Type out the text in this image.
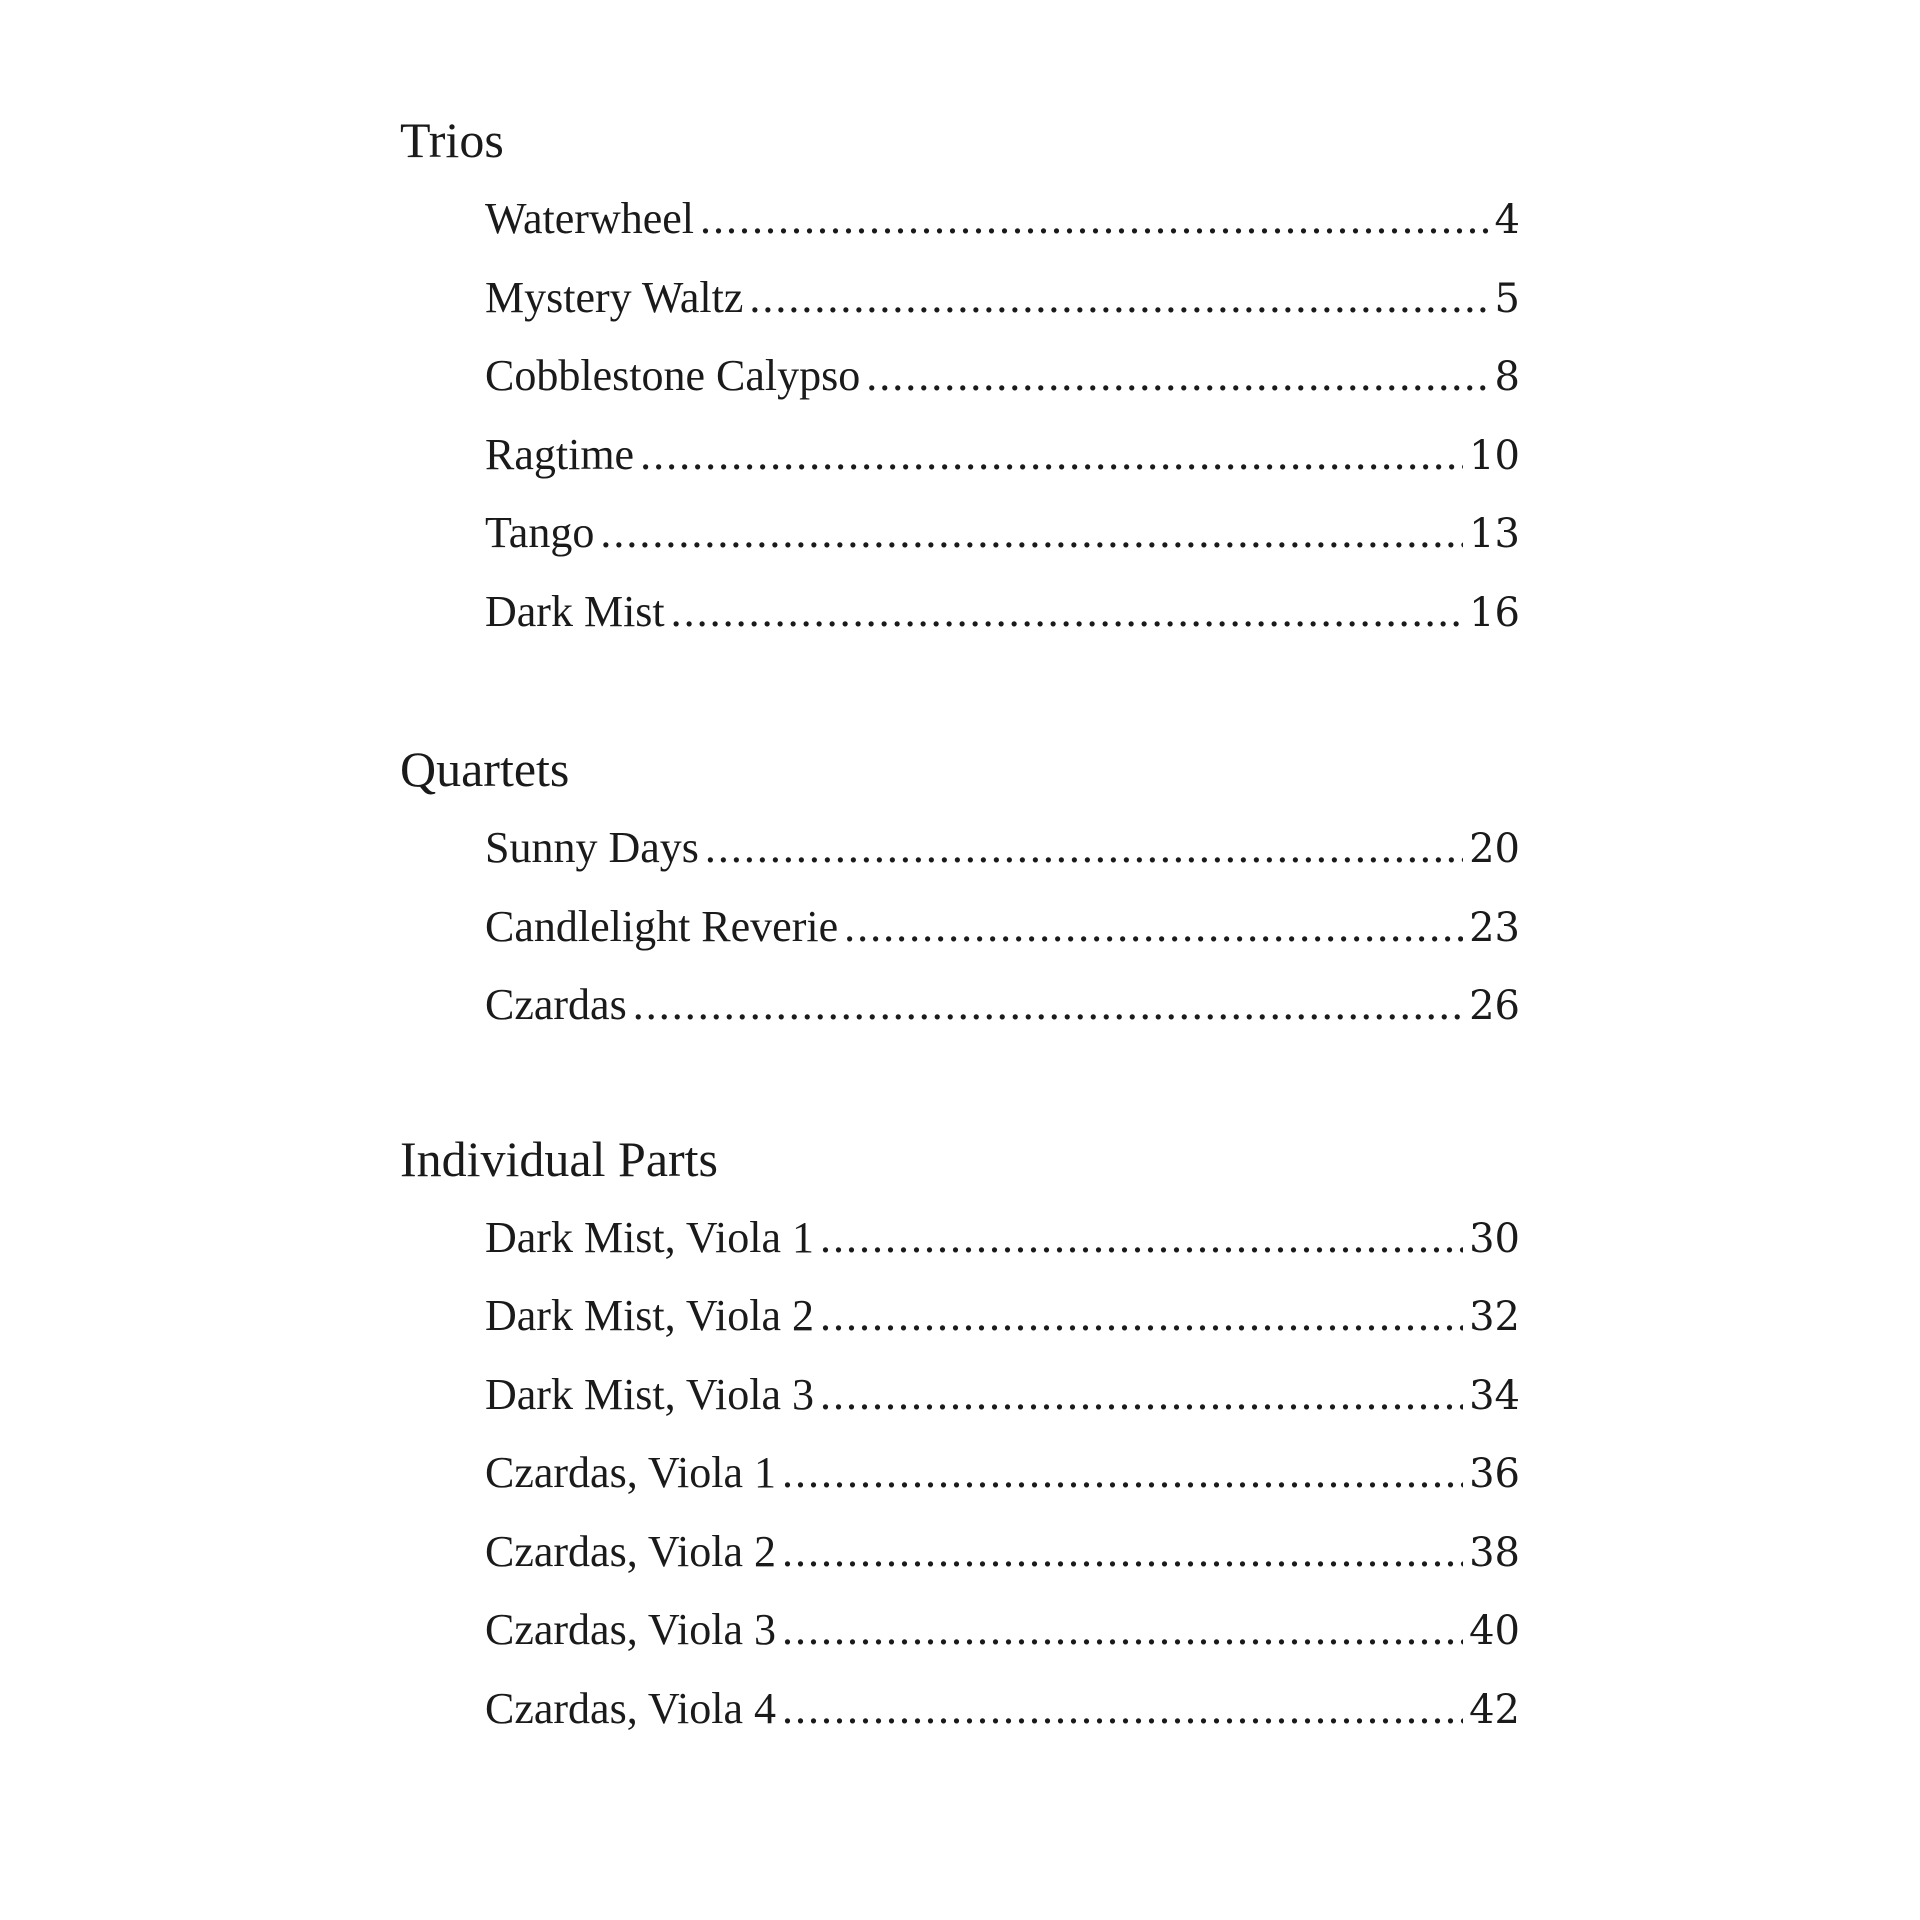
Trios
Waterwheel .....	4
Mystery Waltz .....	5
Cobblestone Calypso .....	8
Ragtime .....	10
Tango .....	13
Dark Mist .....	16
Quartets
Sunny Days .....	20
Candlelight Reverie .....	23
Czardas .....	26
Individual Parts
Dark Mist, Viola 1 .....	30
Dark Mist, Viola 2 .....	32
Dark Mist, Viola 3 .....	34
Czardas, Viola 1 .....	36
Czardas, Viola 2 .....	38
Czardas, Viola 3 .....	40
Czardas, Viola 4 .....	42
